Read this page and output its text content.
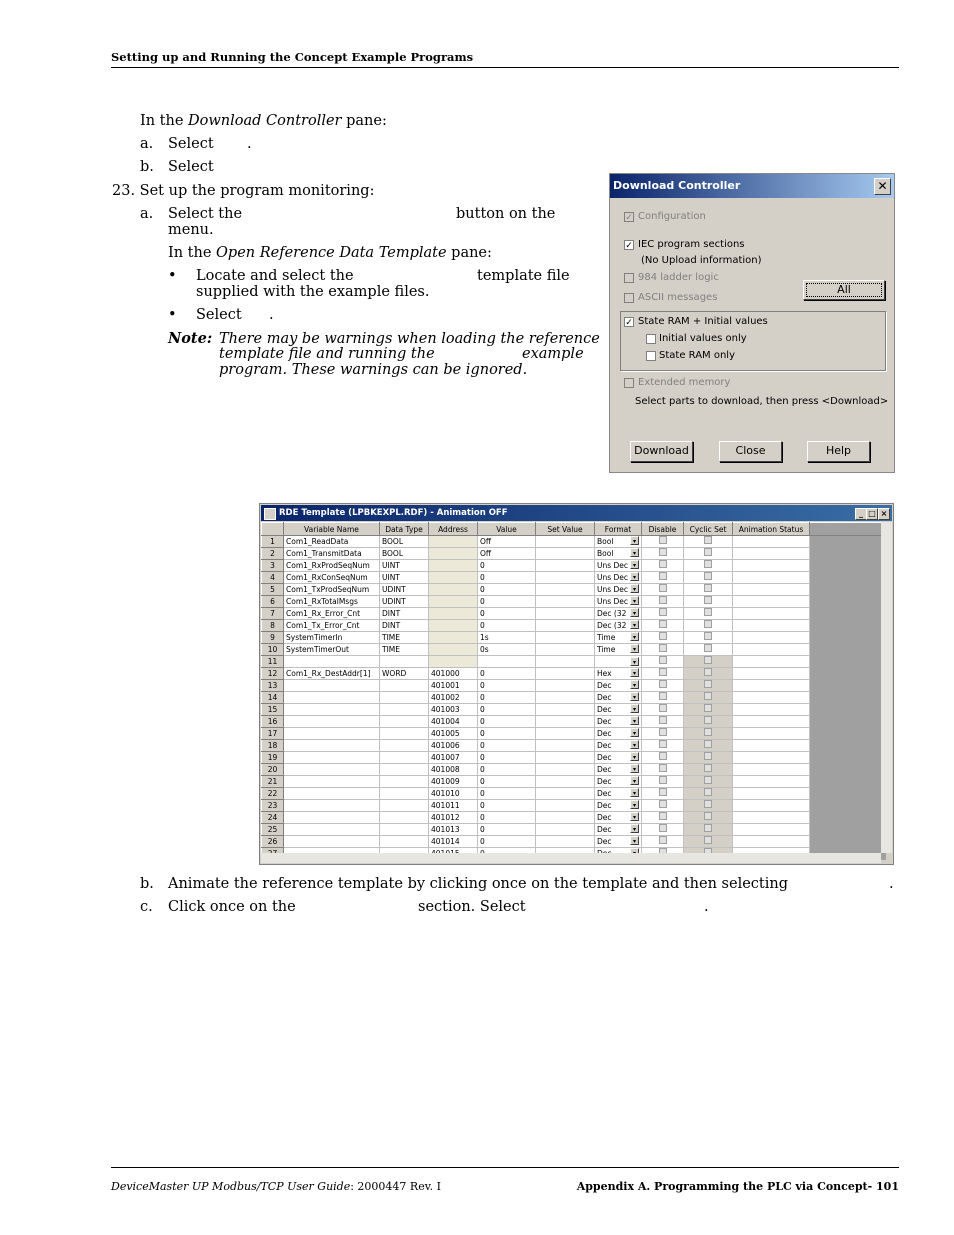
Setting up and Running the Concept Example Programs
In the Download Controller pane:
a. Select .
b. Select
23. Set up the program monitoring:
a. Select the	button on the
menu.
In the Open Reference Data Template pane:
• Locate and select the	template file
supplied with the example files.
• Select .
Note: There may be warnings when loading the reference
template file and running the	example
program. These warnings can be ignored.
Download Controller	✕
✓ Configuration
✓ IEC program sections
(No Upload information)
984 ladder logic
ASCII messages
All
✓ State RAM + Initial values
Initial values only
State RAM only
Extended memory
Select parts to download, then press <Download>
Download	Close	Help
RDE Template (LPBKEXPL.RDF) - Animation OFF	_ □ ×
	Variable Name	Data Type	Address	Value	Set Value	Format	Disable	Cyclic Set	Animation Status	
1	Com1_ReadData	BOOL		Off		Bool ▾				

2	Com1_TransmitData	BOOL		Off		Bool ▾				

3	Com1_RxProdSeqNum	UINT		0		Uns Dec ▾				

4	Com1_RxConSeqNum	UINT		0		Uns Dec ▾				

5	Com1_TxProdSeqNum	UDINT		0		Uns Dec ▾				

6	Com1_RxTotalMsgs	UDINT		0		Uns Dec ▾				

7	Com1_Rx_Error_Cnt	DINT		0		Dec (32 ▾				

8	Com1_Tx_Error_Cnt	DINT		0		Dec (32 ▾				

9	SystemTimerIn	TIME		1s		Time ▾				

10	SystemTimerOut	TIME		0s		Time ▾				

11						▾				

12	Com1_Rx_DestAddr[1]	WORD	401000	0		Hex ▾				

13			401001	0		Dec ▾				

14			401002	0		Dec ▾				

15			401003	0		Dec ▾				

16			401004	0		Dec ▾				

17			401005	0		Dec ▾				

18			401006	0		Dec ▾				

19			401007	0		Dec ▾				

20			401008	0		Dec ▾				

21			401009	0		Dec ▾				

22			401010	0		Dec ▾				

23			401011	0		Dec ▾				

24			401012	0		Dec ▾				

25			401013	0		Dec ▾				

26			401014	0		Dec ▾				

b. Animate the reference template by clicking once on the template and then selecting	.
c. Click once on the	section. Select	.
DeviceMaster UP Modbus/TCP User Guide: 2000447 Rev. I	Appendix A. Programming the PLC via Concept- 101
